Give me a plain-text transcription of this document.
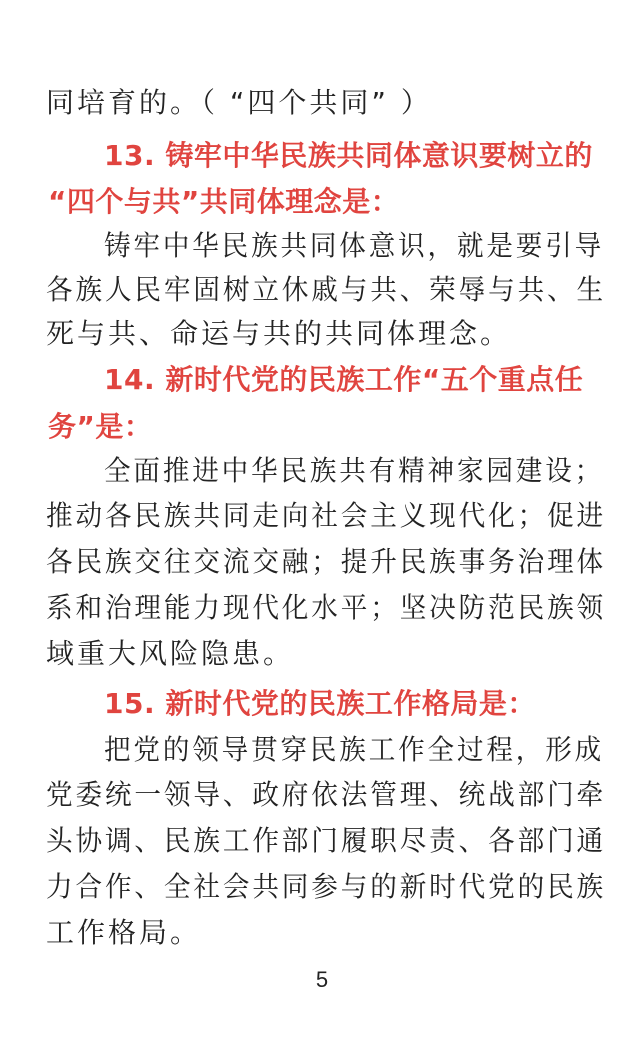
同培育的。（ “四个共同” ）
13. 铸牢中华民族共同体意识要树立的
“四个与共”共同体理念是：
铸牢中华民族共同体意识，就是要引导
各族人民牢固树立休戚与共、荣辱与共、生
死与共、命运与共的共同体理念。
14. 新时代党的民族工作“五个重点任
务”是：
全面推进中华民族共有精神家园建设；
推动各民族共同走向社会主义现代化；促进
各民族交往交流交融；提升民族事务治理体
系和治理能力现代化水平；坚决防范民族领
域重大风险隐患。
15. 新时代党的民族工作格局是：
把党的领导贯穿民族工作全过程，形成
党委统一领导、政府依法管理、统战部门牵
头协调、民族工作部门履职尽责、各部门通
力合作、全社会共同参与的新时代党的民族
工作格局。
5
